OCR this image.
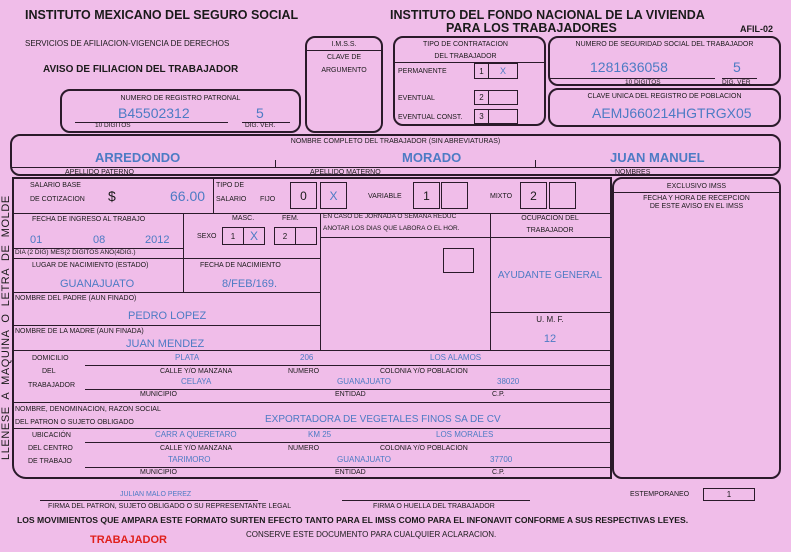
INSTITUTO MEXICANO DEL SEGURO SOCIAL
SERVICIOS DE AFILIACION-VIGENCIA DE DERECHOS
AVISO DE FILIACION DEL TRABAJADOR
INSTITUTO DEL FONDO NACIONAL DE LA VIVIENDA
PARA LOS TRABAJADORES	AFIL-02
NUMERO DE REGISTRO PATRONAL
B45502312	5
10 DIGITOS	DIG. VER.
I.M.S.S.
CLAVE DE
ARGUMENTO
TIPO DE CONTRATACION
DEL TRABAJADOR
PERMANENTE	1	X
EVENTUAL	2
EVENTUAL CONST.	3
NUMERO DE SEGURIDAD SOCIAL DEL TRABAJADOR
1281636058	5
10 DIGITOS	DIG. VER
CLAVE UNICA DEL REGISTRO DE POBLACION
AEMJ660214HGTRGX05
NOMBRE COMPLETO DEL TRABAJADOR (SIN ABREVIATURAS)
ARREDONDO	MORADO	JUAN MANUEL
APELLIDO PATERNO	APELLIDO MATERNO	NOMBRES
LLENESE  A  MAQUINA  O  LETRA  DE  MOLDE
EXCLUSIVO IMSS
FECHA Y HORA DE RECEPCION
DE ESTE AVISO EN EL IMSS
SALARIO BASE
DE COTIZACION $	66.00
TIPO DE
SALARIO FIJO	0	X	VARIABLE	1	MIXTO	2
FECHA DE INGRESO AL TRABAJO
01	08	2012
DIA (2 DIG) MES(2 DIGITOS AÑO(4DIG.)
MASC.	FEM.
SEXO	1	X	2
EN CASO DE JORNADA O SEMANA REDUC
ANOTAR LOS DIAS QUE LABORA O EL HOR.
OCUPACION DEL
TRABAJADOR
AYUDANTE GENERAL
U. M. F.
12
LUGAR DE NACIMIENTO (ESTADO)	FECHA DE NACIMIENTO
GUANAJUATO	8/FEB/169.
NOMBRE DEL PADRE (AUN FINADO)
PEDRO LOPEZ
NOMBRE DE LA MADRE (AUN FINADA)
JUAN MENDEZ
DOMICILIO
DEL
TRABAJADOR
PLATA	206	LOS ALAMOS
CALLE Y/O MANZANA	NUMERO	COLONIA Y/O POBLACION
CELAYA	GUANAJUATO	38020
MUNICIPIO	ENTIDAD	C.P.
NOMBRE, DENOMINACION, RAZON SOCIAL
DEL PATRON O SUJETO OBLIGADO	EXPORTADORA DE VEGETALES FINOS SA DE CV
UBICACIÓN
DEL CENTRO
DE TRABAJO
CARR A QUERETARO	KM 25	LOS MORALES
CALLE Y/O MANZANA	NUMERO	COLONIA Y/O POBLACION
TARIMORO	GUANAJUATO	37700
MUNICIPIO	ENTIDAD	C.P.
JULIAN MALO PEREZ
FIRMA DEL PATRON, SUJETO OBLIGADO O SU REPRESENTANTE LEGAL	FIRMA O HUELLA DEL TRABAJADOR
ESTEMPORANEO	1
LOS MOVIMIENTOS QUE AMPARA ESTE FORMATO SURTEN EFECTO TANTO PARA EL IMSS COMO PARA EL INFONAVIT CONFORME A SUS RESPECTIVAS LEYES.
TRABAJADOR	CONSERVE ESTE DOCUMENTO PARA CUALQUIER ACLARACION.
